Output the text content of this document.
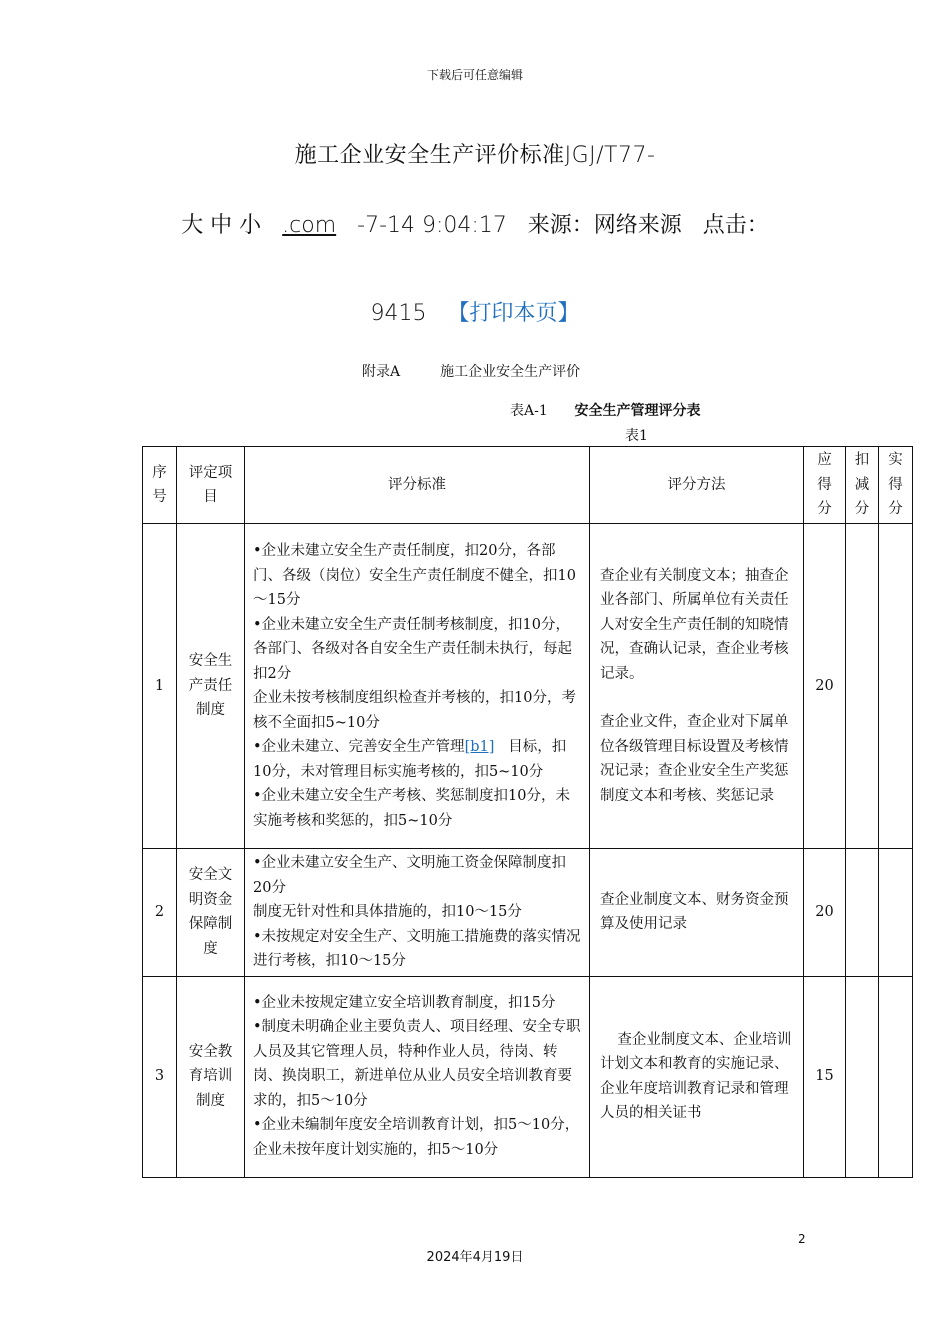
下载后可任意编辑
施工企业安全生产评价标准JGJ/T77-
大 中 小 .com -7-14 9:04:17 来源：网络来源 点击：
9415 【打印本页】
附录A	施工企业安全生产评价
表A-1 安全生产管理评分表
表1
序号	评定项目	评分标准	评分方法	应得分	扣减分	实得分
1	安全生产责任制度	•企业未建立安全生产责任制度，扣20分，各部门、各级（岗位）安全生产责任制度不健全，扣10～15分
•企业未建立安全生产责任制考核制度，扣10分，各部门、各级对各自安全生产责任制未执行，每起扣2分
企业未按考核制度组织检查并考核的，扣10分，考核不全面扣5~10分
•企业未建立、完善安全生产管理[b1] 目标，扣10分，未对管理目标实施考核的，扣5~10分
•企业未建立安全生产考核、奖惩制度扣10分，未实施考核和奖惩的，扣5~10分	查企业有关制度文本；抽查企业各部门、所属单位有关责任人对安全生产责任制的知晓情况，查确认记录，查企业考核记录。
查企业文件，查企业对下属单位各级管理目标设置及考核情况记录；查企业安全生产奖惩制度文本和考核、奖惩记录	20		
2	安全文明资金保障制度	•企业未建立安全生产、文明施工资金保障制度扣20分
制度无针对性和具体措施的，扣10～15分
•未按规定对安全生产、文明施工措施费的落实情况进行考核，扣10～15分	查企业制度文本、财务资金预算及使用记录	20		
3	安全教育培训制度	•企业未按规定建立安全培训教育制度，扣15分
•制度未明确企业主要负责人、项目经理、安全专职人员及其它管理人员，特种作业人员，待岗、转岗、换岗职工，新进单位从业人员安全培训教育要求的，扣5～10分
•企业未编制年度安全培训教育计划，扣5～10分，企业未按年度计划实施的，扣5～10分	查企业制度文本、企业培训计划文本和教育的实施记录、企业年度培训教育记录和管理人员的相关证书	15		
2
2024年4月19日
